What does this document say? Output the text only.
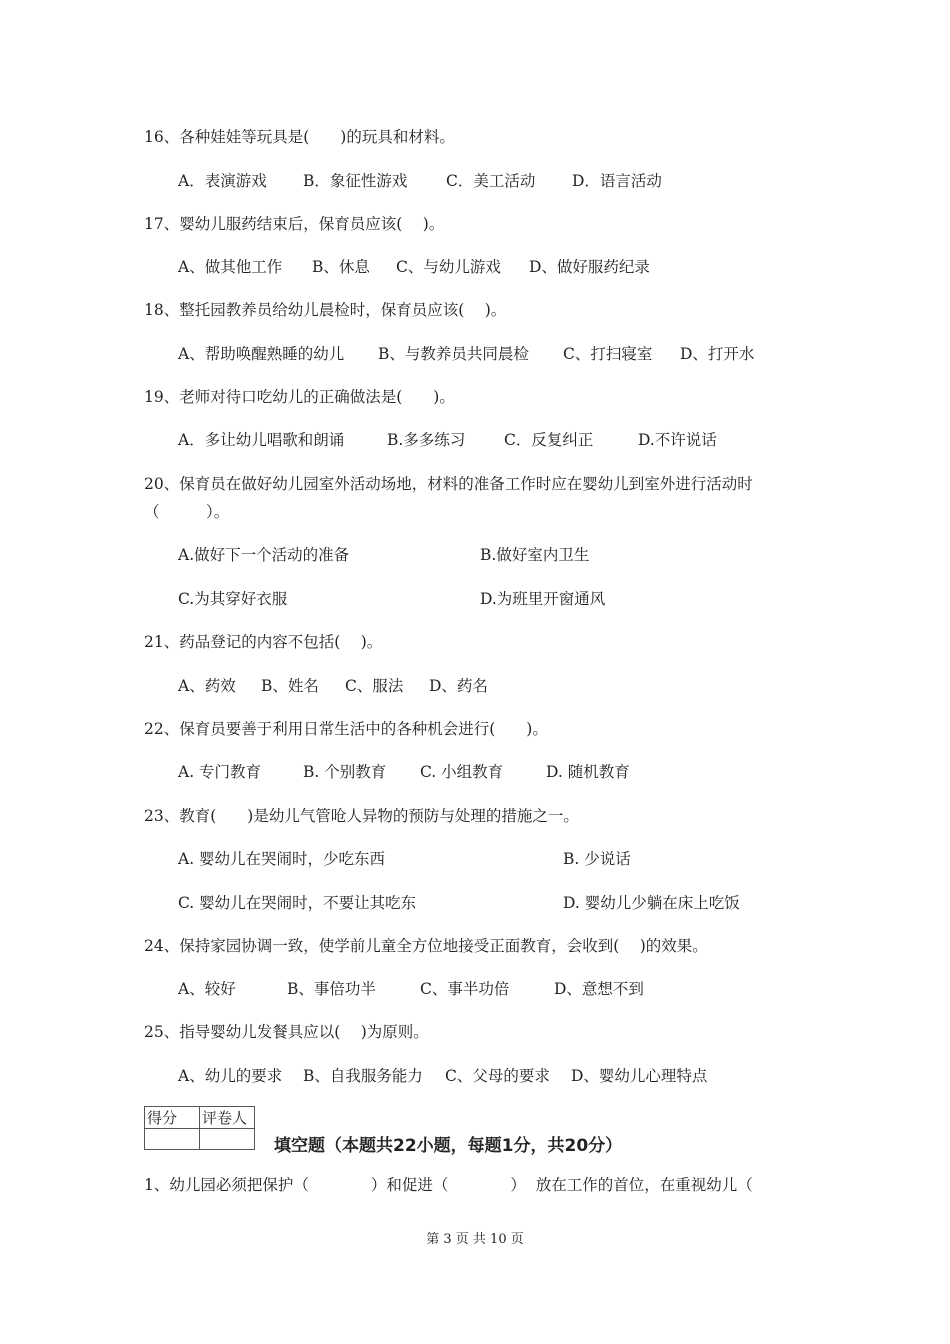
16、各种娃娃等玩具是(　　)的玩具和材料。
A．表演游戏 B．象征性游戏 C．美工活动 D．语言活动
17、婴幼儿服药结束后，保育员应该(　 )。
A、做其他工作 B、休息 C、与幼儿游戏 D、做好服药纪录
18、整托园教养员给幼儿晨检时，保育员应该(　 )。
A、帮助唤醒熟睡的幼儿 B、与教养员共同晨检 C、打扫寝室 D、打开水
19、老师对待口吃幼儿的正确做法是(　　)。
A．多让幼儿唱歌和朗诵	B.多多练习 C．反复纠正	D.不许说话
20、保育员在做好幼儿园室外活动场地，材料的准备工作时应在婴幼儿到室外进行活动时
（　　　）。
A.做好下一个活动的准备	B.做好室内卫生
C.为其穿好衣服	D.为班里开窗通风
21、药品登记的内容不包括(　 )。
A、药效 B、姓名 C、服法 D、药名
22、保育员要善于利用日常生活中的各种机会进行(　　)。
A. 专门教育	B. 个别教育 C. 小组教育	D. 随机教育
23、教育(　　)是幼儿气管呛人异物的预防与处理的措施之一。
A. 婴幼儿在哭闹时，少吃东西	B. 少说话
C. 婴幼儿在哭闹时，不要让其吃东	D. 婴幼儿少躺在床上吃饭
24、保持家园协调一致，使学前儿童全方位地接受正面教育，会收到(　 )的效果。
A、较好	B、事倍功半	C、事半功倍	D、意想不到
25、指导婴幼儿发餐具应以(　 )为原则。
A、幼儿的要求 B、自我服务能力 C、父母的要求 D、婴幼儿心理特点
得分	评卷人

填空题（本题共22小题，每题1分，共20分）
1、幼儿园必须把保护（　　　　）和促进（　　　　）  放在工作的首位，在重视幼儿（
第 3 页 共 10 页
